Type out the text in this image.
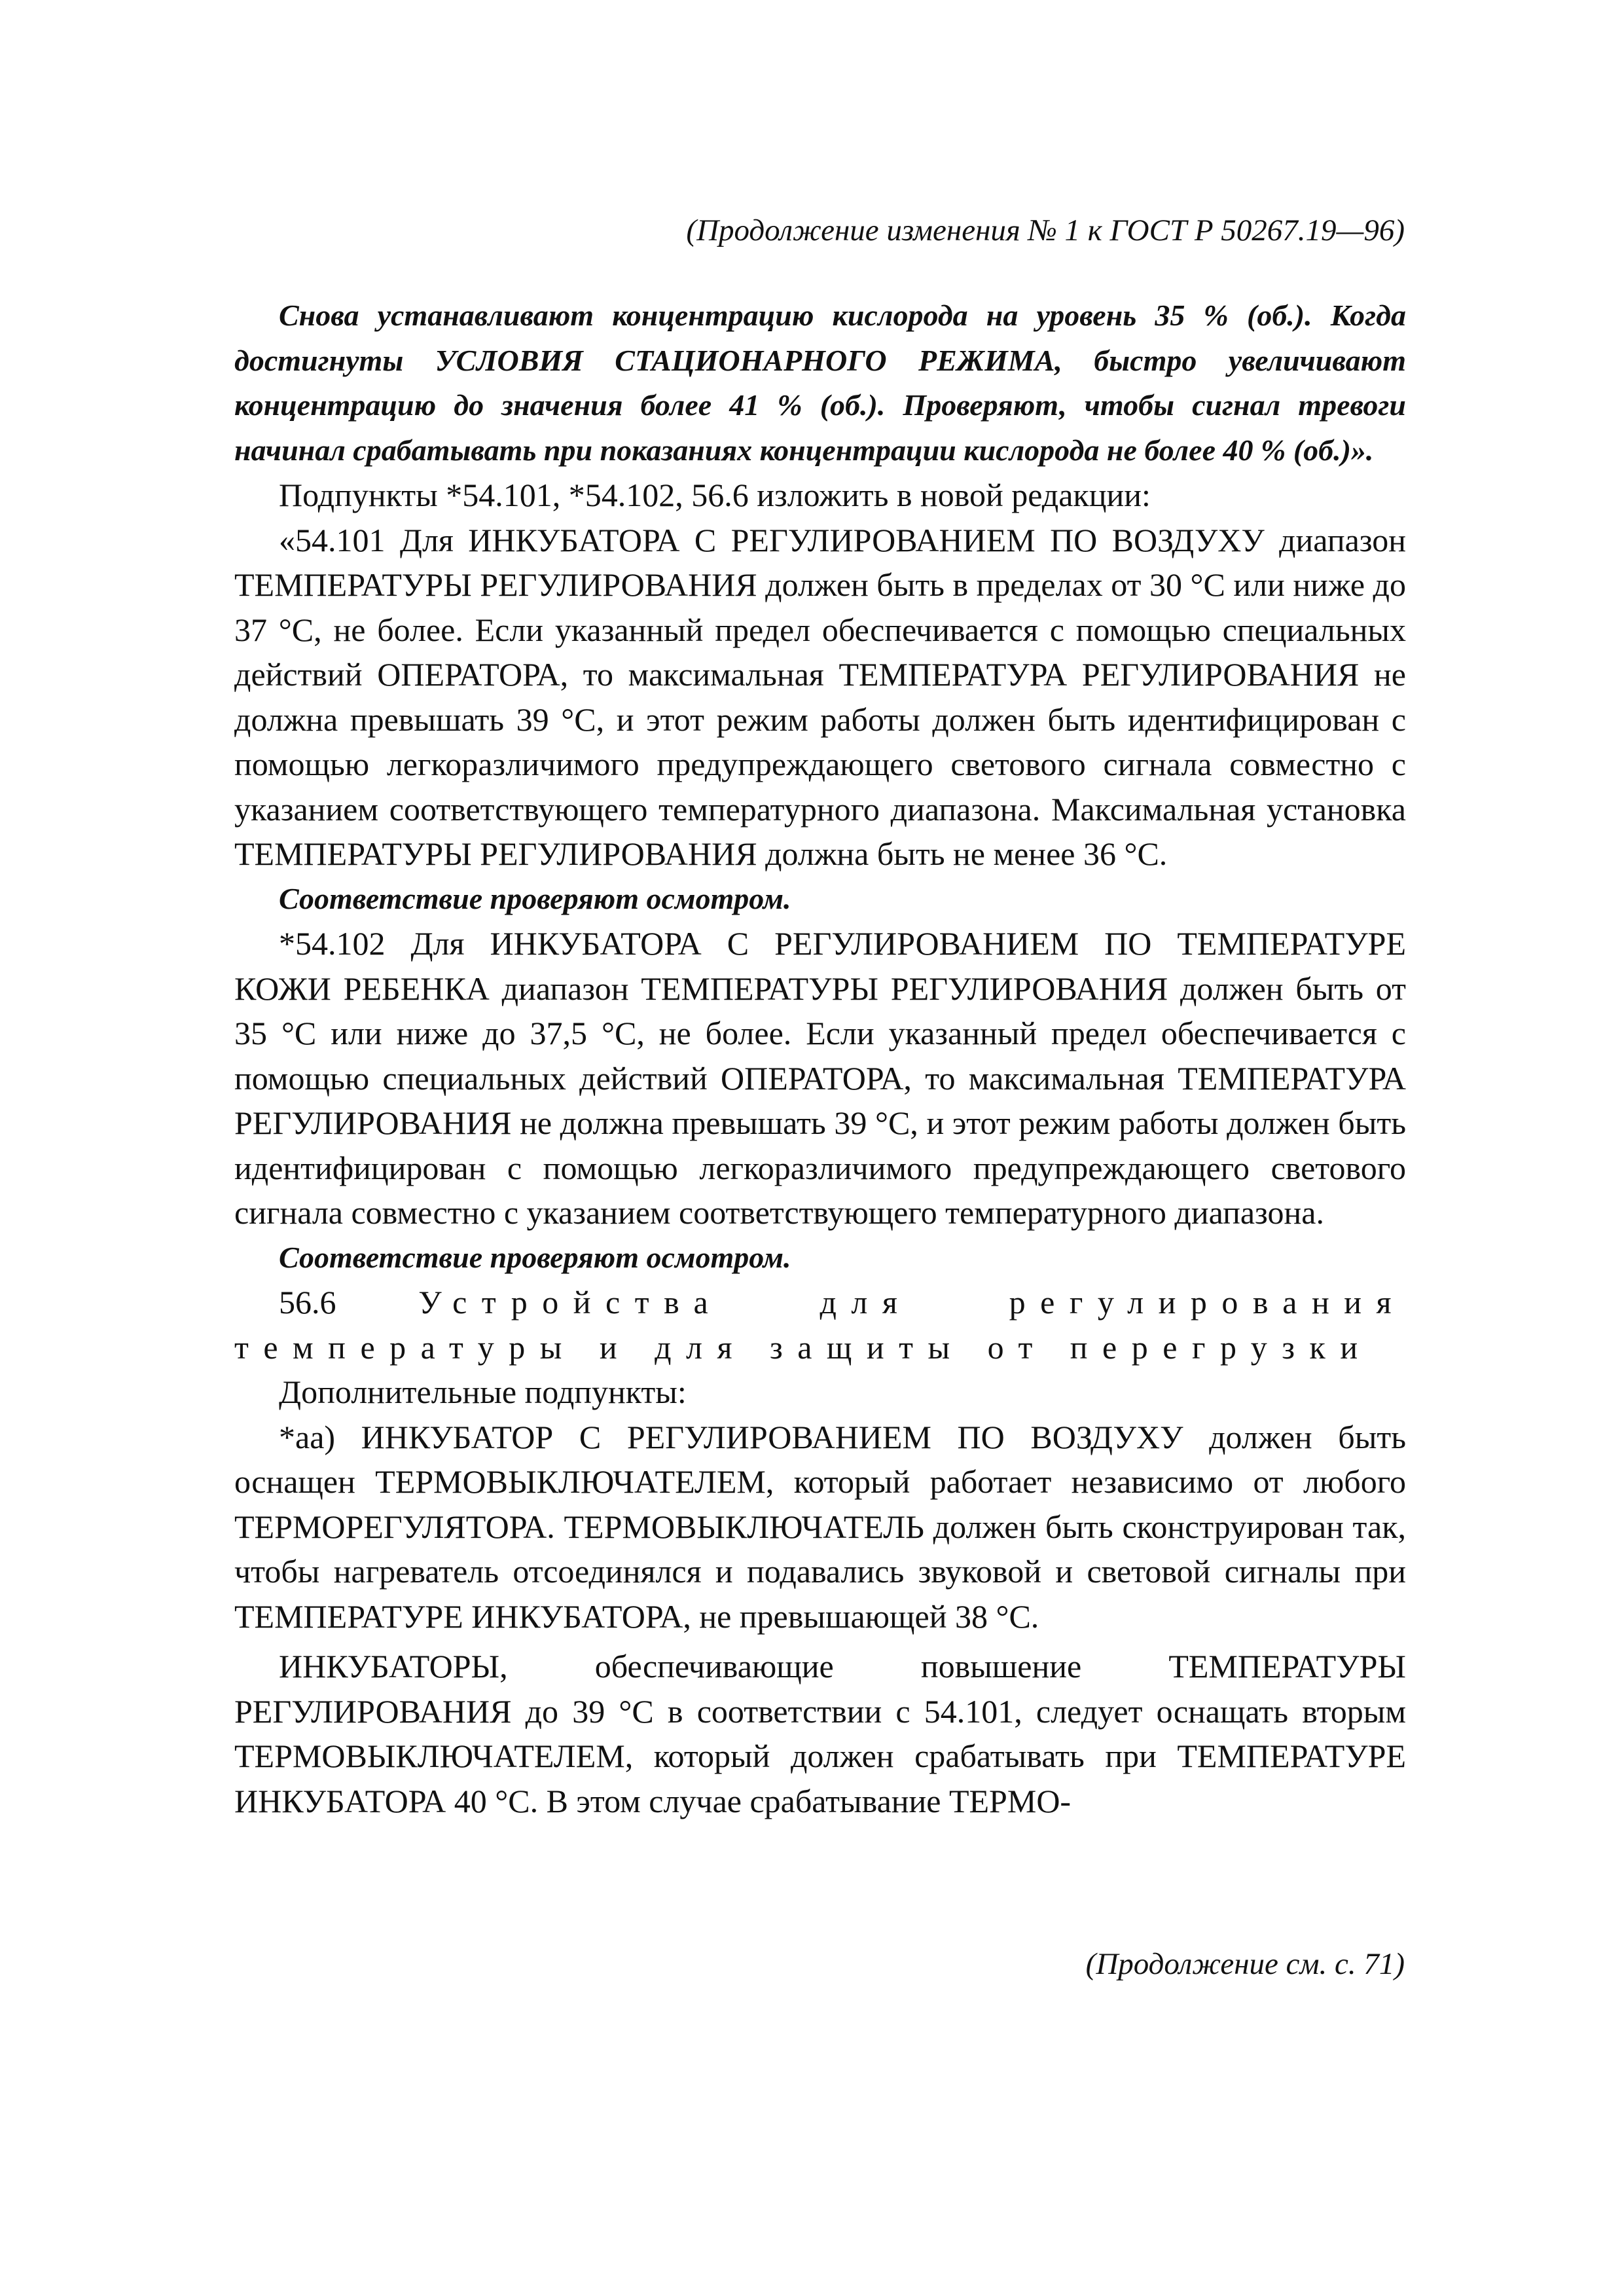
(Продолжение изменения № 1 к ГОСТ Р 50267.19—96)

Снова устанавливают концентрацию кислорода на уровень 35 % (об.). Когда достигнуты УСЛОВИЯ СТАЦИОНАРНОГО РЕЖИМА, быстро увеличивают концентрацию до значения более 41 % (об.). Проверяют, чтобы сигнал тревоги начинал срабатывать при показаниях концентрации кислорода не более 40 % (об.)».

Подпункты *54.101, *54.102, 56.6 изложить в новой редакции:

«54.101 Для ИНКУБАТОРА С РЕГУЛИРОВАНИЕМ ПО ВОЗДУХУ диапазон ТЕМПЕРАТУРЫ РЕГУЛИРОВАНИЯ должен быть в пределах от 30 °С или ниже до 37 °С, не более. Если указанный предел обеспечивается с помощью специальных действий ОПЕРАТОРА, то максимальная ТЕМПЕРАТУРА РЕГУЛИРОВАНИЯ не должна превышать 39 °С, и этот режим работы должен быть идентифицирован с помощью легкоразличимого предупреждающего светового сигнала совместно с указанием соответствующего температурного диапазона. Максимальная установка ТЕМПЕРАТУРЫ РЕГУЛИРОВАНИЯ должна быть не менее 36 °С.

Соответствие проверяют осмотром.

*54.102 Для ИНКУБАТОРА С РЕГУЛИРОВАНИЕМ ПО ТЕМПЕРАТУРЕ КОЖИ РЕБЕНКА диапазон ТЕМПЕРАТУРЫ РЕГУЛИРОВАНИЯ должен быть от 35 °С или ниже до 37,5 °С, не более. Если указанный предел обеспечивается с помощью специальных действий ОПЕРАТОРА, то максимальная ТЕМПЕРАТУРА РЕГУЛИРОВАНИЯ не должна превышать 39 °С, и этот режим работы должен быть идентифицирован с помощью легкоразличимого предупреждающего светового сигнала совместно с указанием соответствующего температурного диапазона.

Соответствие проверяют осмотром.

56.6	Устройства для регулирования температуры и для защиты от перегрузки

Дополнительные подпункты:

*аа) ИНКУБАТОР С РЕГУЛИРОВАНИЕМ ПО ВОЗДУХУ должен быть оснащен ТЕРМОВЫКЛЮЧАТЕЛЕМ, который работает независимо от любого ТЕРМОРЕГУЛЯТОРА. ТЕРМОВЫКЛЮЧАТЕЛЬ должен быть сконструирован так, чтобы нагреватель отсоединялся и подавались звуковой и световой сигналы при ТЕМПЕРАТУРЕ ИНКУБАТОРА, не превышающей 38 °С.

ИНКУБАТОРЫ, обеспечивающие повышение ТЕМПЕРАТУРЫ РЕГУЛИРОВАНИЯ до 39 °С в соответствии с 54.101, следует оснащать вторым ТЕРМОВЫКЛЮЧАТЕЛЕМ, который должен срабатывать при ТЕМПЕРАТУРЕ ИНКУБАТОРА 40 °С. В этом случае срабатывание ТЕРМО-

(Продолжение см. с. 71)
